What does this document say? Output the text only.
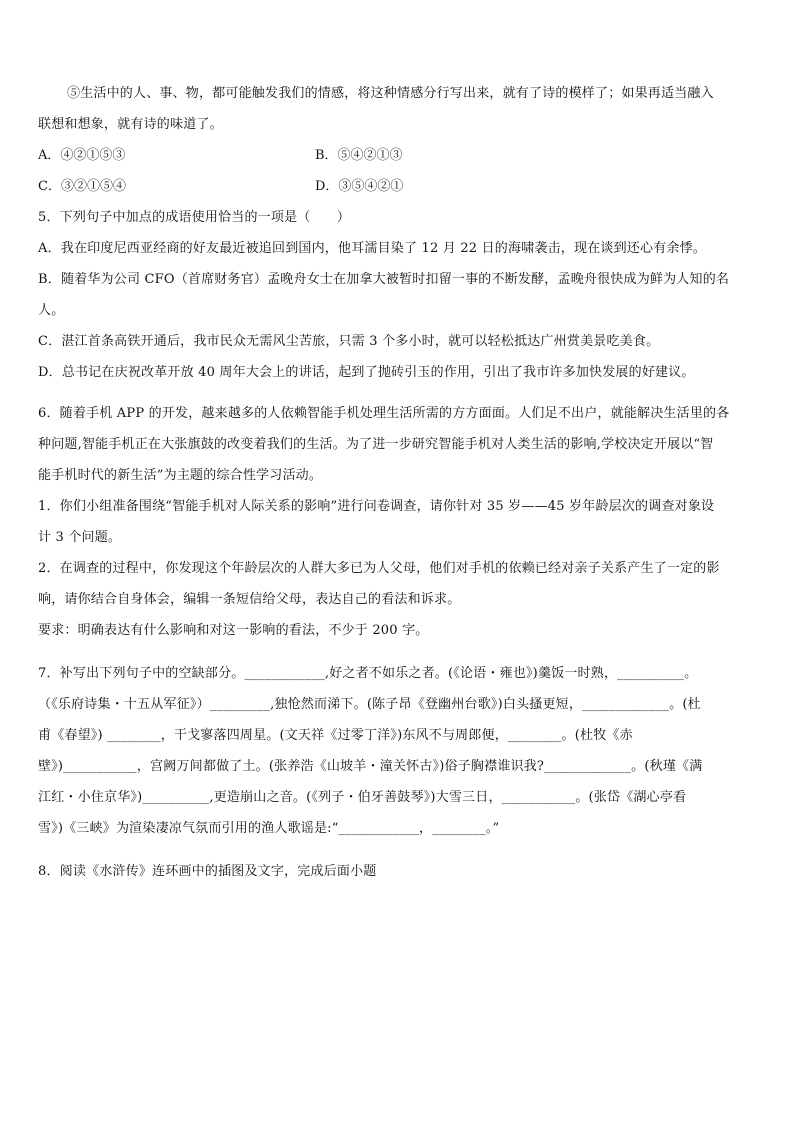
⑤生活中的人、事、物，都可能触发我们的情感，将这种情感分行写出来，就有了诗的模样了；如果再适当融入
联想和想象，就有诗的味道了。
A．④②①⑤③	B．⑤④②①③
C．③②①⑤④	D．③⑤④②①
5．下列句子中加点的成语使用恰当的一项是（　　）
A．我在印度尼西亚经商的好友最近被追回到国内，他耳濡目染了 12 月 22 日的海啸袭击，现在谈到还心有余悸。
B．随着华为公司 CFO（首席财务官）孟晚舟女士在加拿大被暂时扣留一事的不断发酵，孟晚舟很快成为鲜为人知的名
人。
C．湛江首条高铁开通后，我市民众无需风尘苦旅，只需 3 个多小时，就可以轻松抵达广州赏美景吃美食。
D．总书记在庆祝改革开放 40 周年大会上的讲话，起到了抛砖引玉的作用，引出了我市许多加快发展的好建议。
6．随着手机 APP 的开发，越来越多的人依赖智能手机处理生活所需的方方面面。人们足不出户，就能解决生活里的各
种问题,智能手机正在大张旗鼓的改变着我们的生活。为了进一步研究智能手机对人类生活的影响,学校决定开展以“智
能手机时代的新生活”为主题的综合性学习活动。
1．你们小组准备围绕“智能手机对人际关系的影响”进行问卷调查，请你针对 35 岁——45 岁年龄层次的调查对象设
计 3 个问题。
2．在调查的过程中，你发现这个年龄层次的人群大多已为人父母，他们对手机的依赖已经对亲子关系产生了一定的影
响，请你结合自身体会，编辑一条短信给父母，表达自己的看法和诉求。
要求：明确表达有什么影响和对这一影响的看法，不少于 200 字。
7．补写出下列句子中的空缺部分。____________,好之者不如乐之者。(《论语・雍也》)羹饭一时熟，__________。
（《乐府诗集・十五从军征》）_________,独怆然而涕下。(陈子昂《登幽州台歌》)白头搔更短，_____________。(杜
甫《春望》) ________，干戈寥落四周星。(文天祥《过零丁洋》)东风不与周郎便，________。(杜牧《赤
壁》)___________，宫阙万间都做了土。(张养浩《山坡羊・潼关怀古》)俗子胸襟谁识我?_____________。(秋瑾《满
江红・小住京华》)__________,更造崩山之音。(《列子・伯牙善鼓琴》)大雪三日，___________。(张岱《湖心亭看
雪》)《三峡》为渲染凄凉气氛而引用的渔人歌谣是:“____________，________。”
8．阅读《水浒传》连环画中的插图及文字，完成后面小题
